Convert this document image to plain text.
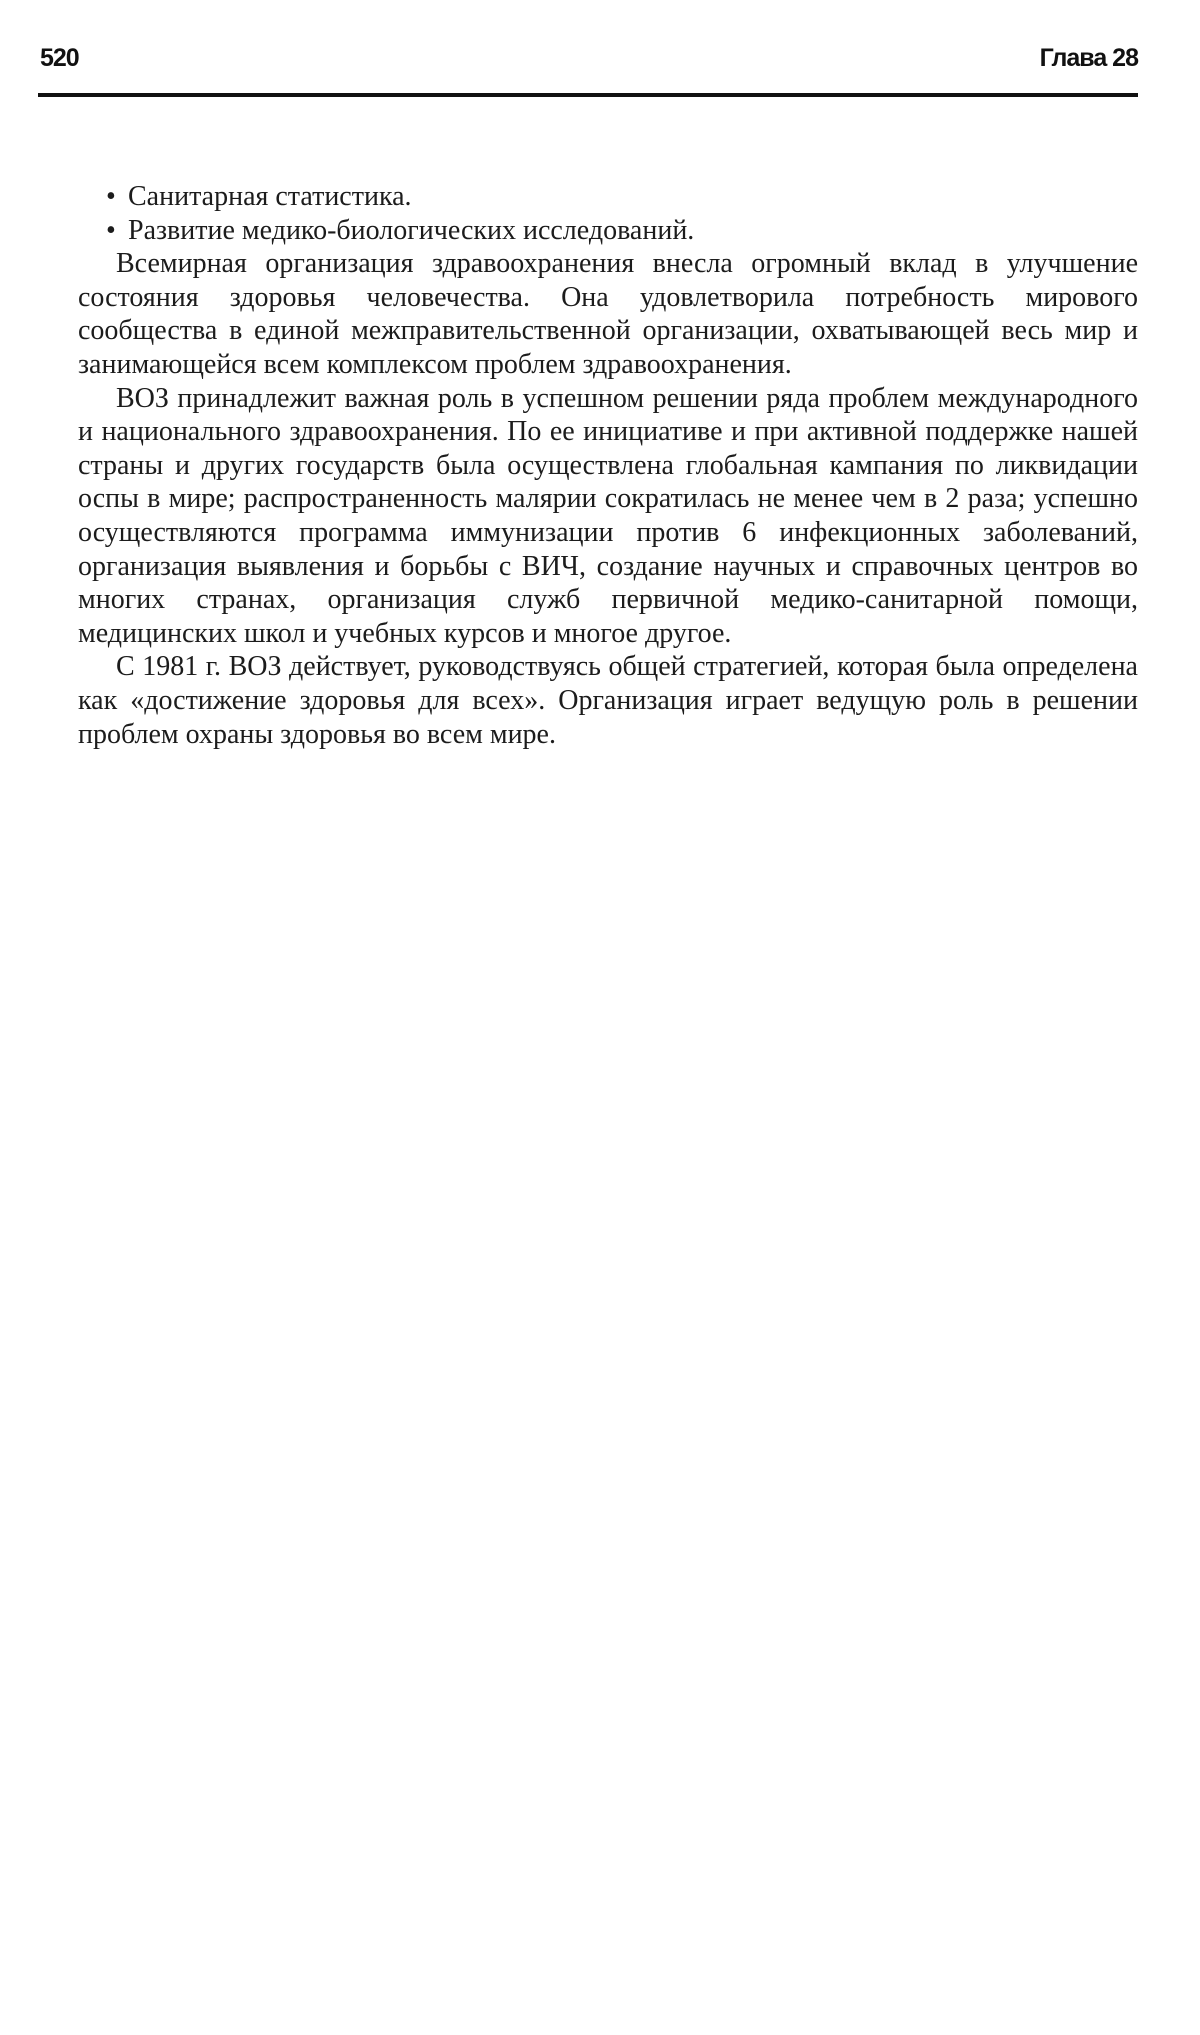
520	Глава 28

• Санитарная статистика.

• Развитие медико-биологических исследований.

Всемирная организация здравоохранения внесла огромный вклад в улучшение состояния здоровья человечества. Она удовлетворила потребность мирового сообщества в единой межправительственной организации, охватывающей весь мир и занимающейся всем комплексом проблем здравоохранения.

ВОЗ принадлежит важная роль в успешном решении ряда проблем международного и национального здравоохранения. По ее инициативе и при активной поддержке нашей страны и других государств была осуществлена глобальная кампания по ликвидации оспы в мире; распространенность малярии сократилась не менее чем в 2 раза; успешно осуществляются программа иммунизации против 6 инфекционных заболеваний, организация выявления и борьбы с ВИЧ, создание научных и справочных центров во многих странах, организация служб первичной медико-санитарной помощи, медицинских школ и учебных курсов и многое другое.

С 1981 г. ВОЗ действует, руководствуясь общей стратегией, которая была определена как «достижение здоровья для всех». Организация играет ведущую роль в решении проблем охраны здоровья во всем мире.
